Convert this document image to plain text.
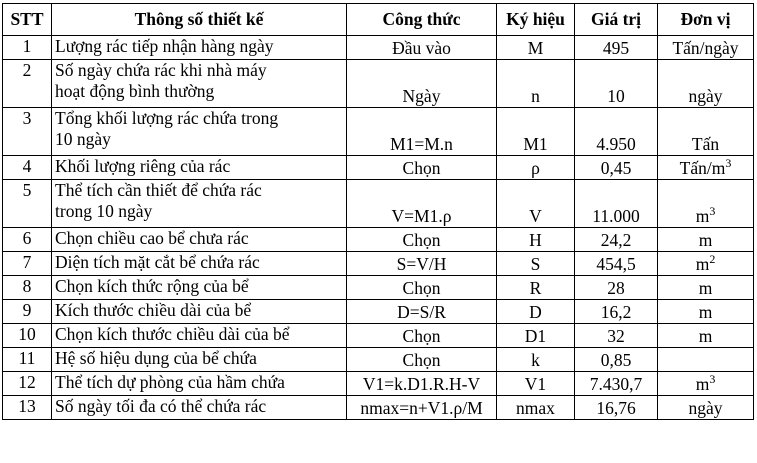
STT	Thông số thiết kế	Công thức	Ký hiệu	Giá trị	Đơn vị
1	Lượng rác tiếp nhận hàng ngày	Đầu vào	M	495	Tấn/ngày
2	Số ngày chứa rác khi nhà máy
hoạt động bình thường	Ngày	n	10	ngày
3	Tổng khối lượng rác chứa trong
10 ngày	M1=M.n	M1	4.950	Tấn
4	Khối lượng riêng của rác	Chọn	ρ	0,45	Tấn/$m^3$
5	Thể tích cần thiết để chứa rác
trong 10 ngày	V=M1.ρ	V	11.000	$m^3$
6	Chọn chiều cao bể chưa rác	Chọn	H	24,2	m
7	Diện tích mặt cắt bể chứa rác	S=V/H	S	454,5	$m^2$
8	Chọn kích thức rộng của bể	Chọn	R	28	m
9	Kích thước chiều dài của bể	D=S/R	D	16,2	m
10	Chọn kích thước chiều dài của bể	Chọn	D1	32	m
11	Hệ số hiệu dụng của bể chứa	Chọn	k	0,85	
12	Thể tích dự phòng của hầm chứa	V1=k.D1.R.H-V	V1	7.430,7	$m^3$
13	Số ngày tối đa có thể chứa rác	nmax=n+V1.ρ/M	nmax	16,76	ngày
